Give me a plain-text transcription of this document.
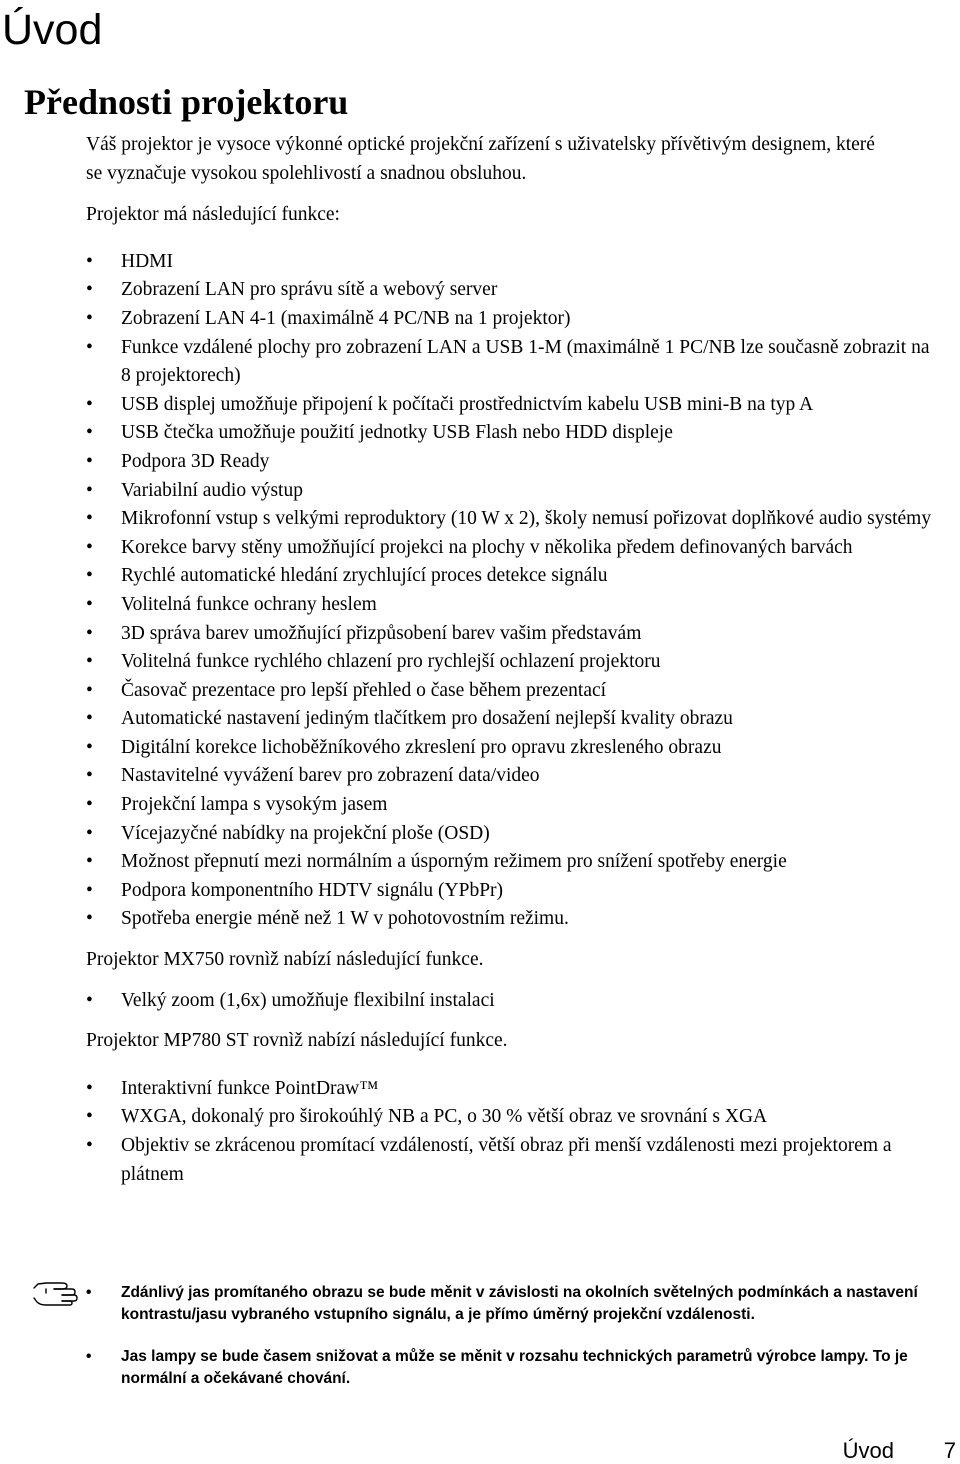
Úvod
Přednosti projektoru

Váš projektor je vysoce výkonné optické projekční zařízení s uživatelsky přívětivým designem, které se vyznačuje vysokou spolehlivostí a snadnou obsluhou.

Projektor má následující funkce:

• HDMI
• Zobrazení LAN pro správu sítě a webový server
• Zobrazení LAN 4-1 (maximálně 4 PC/NB na 1 projektor)
• Funkce vzdálené plochy pro zobrazení LAN a USB 1-M (maximálně 1 PC/NB lze současně zobrazit na 8 projektorech)
• USB displej umožňuje připojení k počítači prostřednictvím kabelu USB mini-B na typ A
• USB čtečka umožňuje použití jednotky USB Flash nebo HDD displeje
• Podpora 3D Ready
• Variabilní audio výstup
• Mikrofonní vstup s velkými reproduktory (10 W x 2), školy nemusí pořizovat doplňkové audio systémy
• Korekce barvy stěny umožňující projekci na plochy v několika předem definovaných barvách
• Rychlé automatické hledání zrychlující proces detekce signálu
• Volitelná funkce ochrany heslem
• 3D správa barev umožňující přizpůsobení barev vašim představám
• Volitelná funkce rychlého chlazení pro rychlejší ochlazení projektoru
• Časovač prezentace pro lepší přehled o čase během prezentací
• Automatické nastavení jediným tlačítkem pro dosažení nejlepší kvality obrazu
• Digitální korekce lichoběžníkového zkreslení pro opravu zkresleného obrazu
• Nastavitelné vyvážení barev pro zobrazení data/video
• Projekční lampa s vysokým jasem
• Vícejazyčné nabídky na projekční ploše (OSD)
• Možnost přepnutí mezi normálním a úsporným režimem pro snížení spotřeby energie
• Podpora komponentního HDTV signálu (YPbPr)
• Spotřeba energie méně než 1 W v pohotovostním režimu.

Projektor MX750 rovnìž nabízí následující funkce.

• Velký zoom (1,6x) umožňuje flexibilní instalaci

Projektor MP780 ST rovnìž nabízí následující funkce.

• Interaktivní funkce PointDraw™
• WXGA, dokonalý pro širokoúhlý NB a PC, o 30 % větší obraz ve srovnání s XGA
• Objektiv se zkrácenou promítací vzdáleností, větší obraz při menší vzdálenosti mezi projektorem a plátnem
• Zdánlivý jas promítaného obrazu se bude měnit v závislosti na okolních světelných podmínkách a nastavení kontrastu/jasu vybraného vstupního signálu, a je přímo úměrný projekční vzdálenosti.
• Jas lampy se bude časem snižovat a může se měnit v rozsahu technických parametrů výrobce lampy. To je normální a očekávané chování.
Úvod 7
